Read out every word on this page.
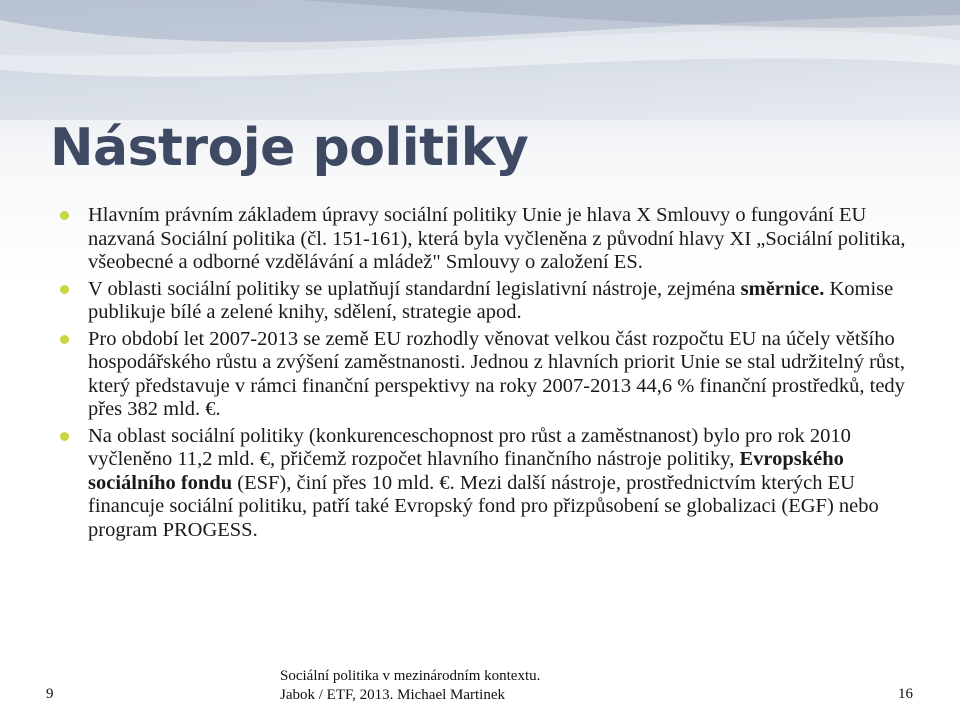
Nástroje politiky
Hlavním právním základem úpravy sociální politiky Unie je hlava X Smlouvy o fungování EU nazvaná Sociální politika (čl. 151-161), která byla vyčleněna z původní hlavy XI „Sociální politika, všeobecné a odborné vzdělávání a mládež" Smlouvy o založení ES.
V oblasti sociální politiky se uplatňují standardní legislativní nástroje, zejména směrnice. Komise publikuje bílé a zelené knihy, sdělení, strategie apod.
Pro období let 2007-2013 se země EU rozhodly věnovat velkou část rozpočtu EU na účely většího hospodářského růstu a zvýšení zaměstnanosti. Jednou z hlavních priorit Unie se stal udržitelný růst, který představuje v rámci finanční perspektivy na roky 2007-2013 44,6 % finanční prostředků, tedy přes 382 mld. €.
Na oblast sociální politiky (konkurenceschopnost pro růst a zaměstnanost) bylo pro rok 2010 vyčleněno 11,2 mld. €, přičemž rozpočet hlavního finančního nástroje politiky, Evropského sociálního fondu (ESF), činí přes 10 mld. €. Mezi další nástroje, prostřednictvím kterých EU financuje sociální politiku, patří také Evropský fond pro přizpůsobení se globalizaci (EGF) nebo program PROGESS.
9
Sociální politika v mezinárodním kontextu.
Jabok / ETF, 2013. Michael Martinek	16
